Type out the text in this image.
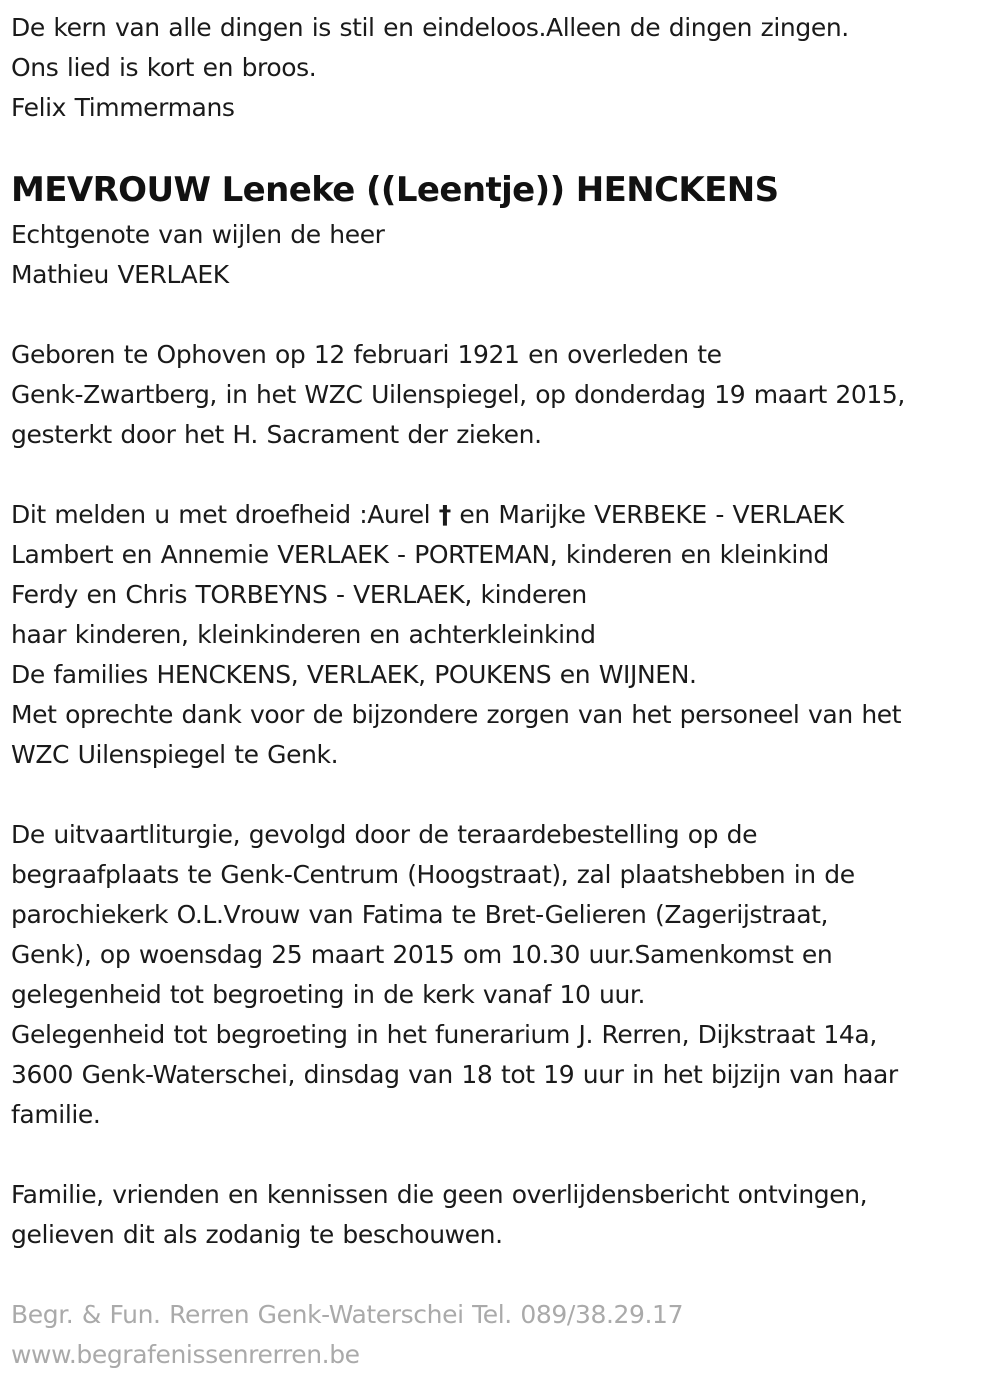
De kern van alle dingen is stil en eindeloos.Alleen de dingen zingen.
Ons lied is kort en broos.
Felix Timmermans
MEVROUW Leneke ((Leentje)) HENCKENS
Echtgenote van wijlen de heer
Mathieu VERLAEK
Geboren te Ophoven op 12 februari 1921 en overleden te
Genk-Zwartberg, in het WZC Uilenspiegel, op donderdag 19 maart 2015,
gesterkt door het H. Sacrament der zieken.
Dit melden u met droefheid :Aurel † en Marijke VERBEKE - VERLAEK
Lambert en Annemie VERLAEK - PORTEMAN, kinderen en kleinkind
Ferdy en Chris TORBEYNS - VERLAEK, kinderen
haar kinderen, kleinkinderen en achterkleinkind
De families HENCKENS, VERLAEK, POUKENS en WIJNEN.
Met oprechte dank voor de bijzondere zorgen van het personeel van het
WZC Uilenspiegel te Genk.
De uitvaartliturgie, gevolgd door de teraardebestelling op de
begraafplaats te Genk-Centrum (Hoogstraat), zal plaatshebben in de
parochiekerk O.L.Vrouw van Fatima te Bret-Gelieren (Zagerijstraat,
Genk), op woensdag 25 maart 2015 om 10.30 uur.Samenkomst en
gelegenheid tot begroeting in de kerk vanaf 10 uur.
Gelegenheid tot begroeting in het funerarium J. Rerren, Dijkstraat 14a,
3600 Genk-Waterschei, dinsdag van 18 tot 19 uur in het bijzijn van haar
familie.
Familie, vrienden en kennissen die geen overlijdensbericht ontvingen,
gelieven dit als zodanig te beschouwen.
Begr. & Fun. Rerren Genk-Waterschei Tel. 089/38.29.17
www.begrafenissenrerren.be
